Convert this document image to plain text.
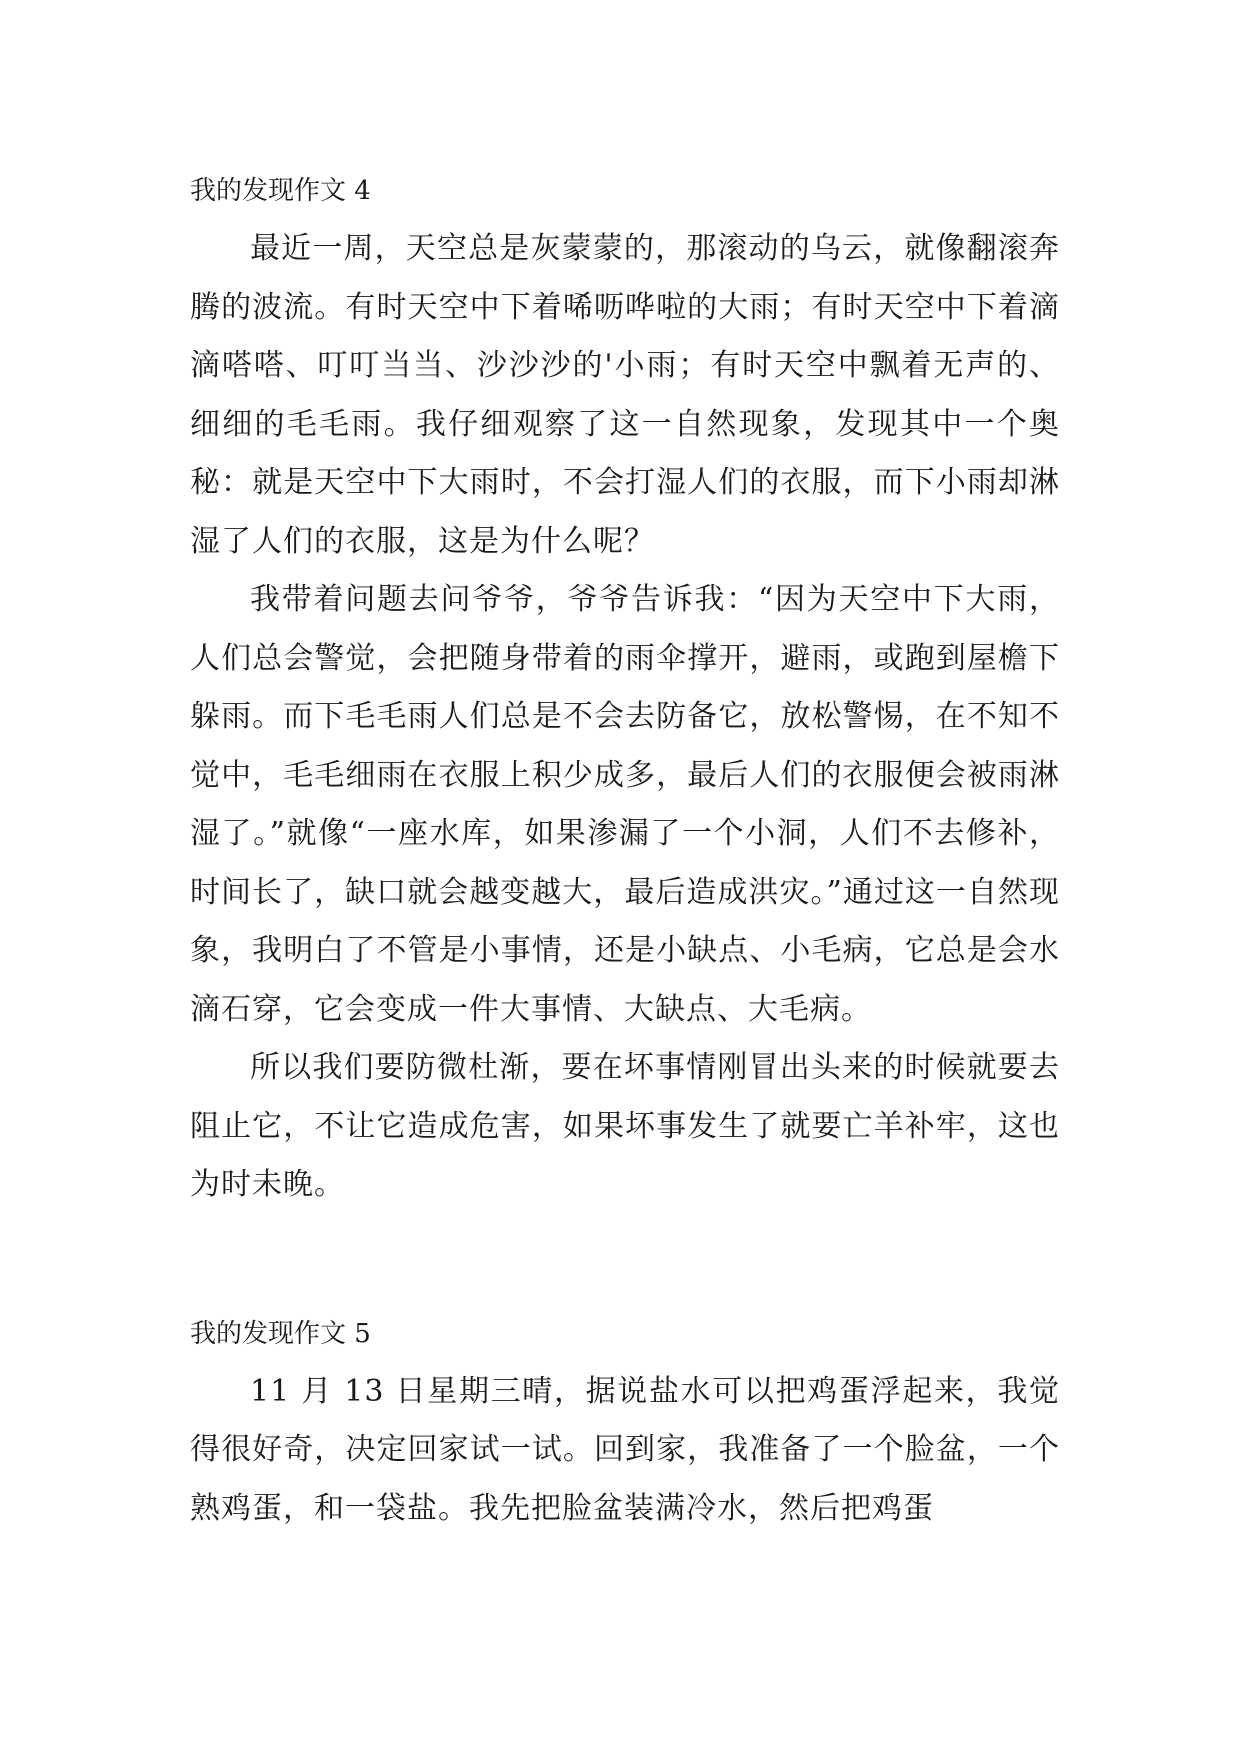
我的发现作文 4

最近一周，天空总是灰蒙蒙的，那滚动的乌云，就像翻滚奔腾的波流。有时天空中下着唏呖哗啦的大雨；有时天空中下着滴滴嗒嗒、叮叮当当、沙沙沙的'小雨；有时天空中飘着无声的、细细的毛毛雨。我仔细观察了这一自然现象，发现其中一个奥秘：就是天空中下大雨时，不会打湿人们的衣服，而下小雨却淋湿了人们的衣服，这是为什么呢？

我带着问题去问爷爷，爷爷告诉我：“因为天空中下大雨，人们总会警觉，会把随身带着的雨伞撑开，避雨，或跑到屋檐下躲雨。而下毛毛雨人们总是不会去防备它，放松警惕，在不知不觉中，毛毛细雨在衣服上积少成多，最后人们的衣服便会被雨淋湿了。”就像“一座水库，如果渗漏了一个小洞，人们不去修补，时间长了，缺口就会越变越大，最后造成洪灾。”通过这一自然现象，我明白了不管是小事情，还是小缺点、小毛病，它总是会水滴石穿，它会变成一件大事情、大缺点、大毛病。

所以我们要防微杜渐，要在坏事情刚冒出头来的时候就要去阻止它，不让它造成危害，如果坏事发生了就要亡羊补牢，这也为时未晚。

我的发现作文 5

11 月 13 日星期三晴，据说盐水可以把鸡蛋浮起来，我觉得很好奇，决定回家试一试。回到家，我准备了一个脸盆，一个熟鸡蛋，和一袋盐。我先把脸盆装满冷水，然后把鸡蛋
